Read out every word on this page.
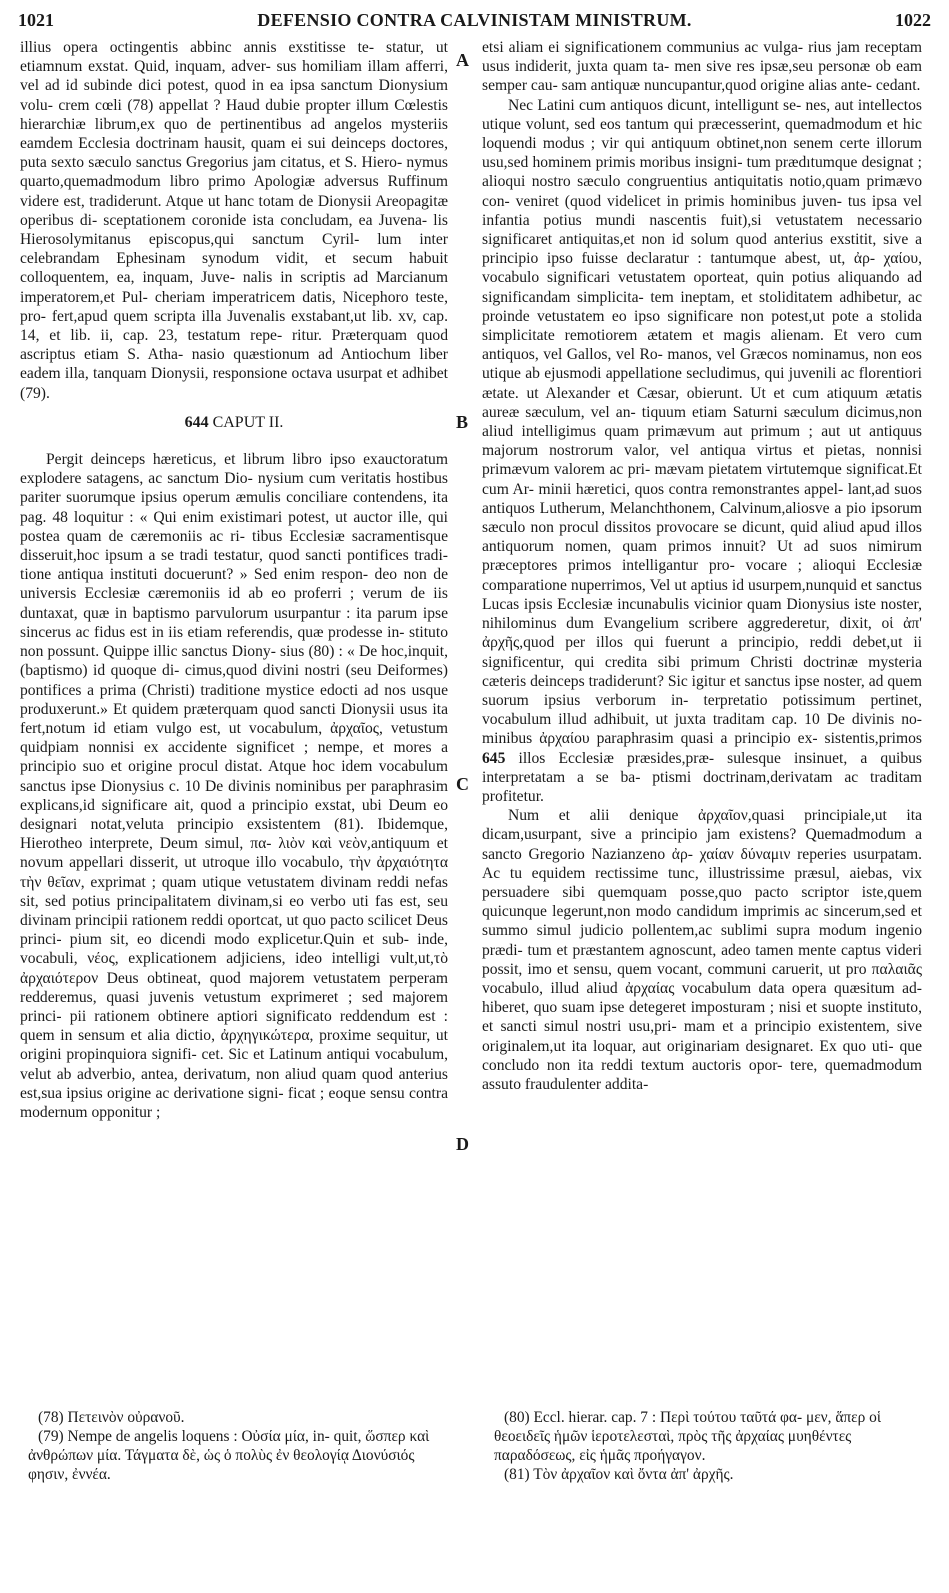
1021	DEFENSIO CONTRA CALVINISTAM MINISTRUM.	1022
A
B
C
D

illius opera octingentis abbinc annis exstitisse te- statur, ut etiamnum exstat. Quid, inquam, adver- sus homiliam illam afferri, vel ad id subinde dici potest, quod in ea ipsa sanctum Dionysium volu- crem cœli (78) appellat ? Haud dubie propter illum Cœlestis hierarchiæ librum,ex quo de pertinentibus ad angelos mysteriis eamdem Ecclesia doctrinam hausit, quam ei sui deinceps doctores, puta sexto sæculo sanctus Gregorius jam citatus, et S. Hiero- nymus quarto,quemadmodum libro primo Apologiæ adversus Ruffinum videre est, tradiderunt. Atque ut hanc totam de Dionysii Areopagitæ operibus di- sceptationem coronide ista concludam, ea Juvena- lis Hierosolymitanus episcopus,qui sanctum Cyril- lum inter celebrandam Ephesinam synodum vidit, et secum habuit colloquentem, ea, inquam, Juve- nalis in scriptis ad Marcianum imperatorem,et Pul- cheriam imperatricem datis, Nicephoro teste, pro- fert,apud quem scripta illa Juvenalis exstabant,ut lib. xv, cap. 14, et lib. ii, cap. 23, testatum repe- ritur. Præterquam quod ascriptus etiam S. Atha- nasio quæstionum ad Antiochum liber eadem illa, tanquam Dionysii, responsione octava usurpat et adhibet (79).

644 CAPUT II.

Pergit deinceps hæreticus, et librum libro ipso exauctoratum explodere satagens, ac sanctum Dio- nysium cum veritatis hostibus pariter suorumque ipsius operum æmulis conciliare contendens, ita pag. 48 loquitur : « Qui enim existimari potest, ut auctor ille, qui postea quam de cæremoniis ac ri- tibus Ecclesiæ sacramentisque disseruit,hoc ipsum a se tradi testatur, quod sancti pontifices tradi- tione antiqua instituti docuerunt? » Sed enim respon- deo non de universis Ecclesiæ cæremoniis id ab eo proferri ; verum de iis duntaxat, quæ in baptismo parvulorum usurpantur : ita parum ipse sincerus ac fidus est in iis etiam referendis, quæ prodesse in- stituto non possunt. Quippe illic sanctus Diony- sius (80) : « De hoc,inquit,(baptismo) id quoque di- cimus,quod divini nostri (seu Deiformes) pontifices a prima (Christi) traditione mystice edocti ad nos usque produxerunt.» Et quidem præterquam quod sancti Dionysii usus ita fert,notum id etiam vulgo est, ut vocabulum, ἀρχαῖος, vetustum quidpiam nonnisi ex accidente significet ; nempe, et mores a principio suo et origine procul distat. Atque hoc idem vocabulum sanctus ipse Dionysius c. 10 De divinis nominibus per paraphrasim explicans,id significare ait, quod a principio exstat, ubi Deum eo designari notat,veluta principio exsistentem (81). Ibidemque, Hierotheo interprete, Deum simul, πα- λιὸν καὶ νεὸν,antiquum et novum appellari disserit, ut utroque illo vocabulo, τὴν ἀρχαιότητα τὴν θεῖαν, exprimat ; quam utique vetustatem divinam reddi nefas sit, sed potius principalitatem divinam,si eo verbo uti fas est, seu divinam principii rationem reddi oportcat, ut quo pacto scilicet Deus princi- pium sit, eo dicendi modo explicetur.Quin et sub- inde, vocabuli, νέος, explicationem adjiciens, ideo intelligi vult,ut,τὸ ἀρχαιότερον Deus obtineat, quod majorem vetustatem perperam redderemus, quasi juvenis vetustum exprimeret ; sed majorem princi- pii rationem obtinere aptiori significato reddendum est : quem in sensum et alia dictio, ἀρχηγικώτερα, proxime sequitur, ut origini propinquiora signifi- cet. Sic et Latinum antiqui vocabulum, velut ab adverbio, antea, derivatum, non aliud quam quod anterius est,sua ipsius origine ac derivatione signi- ficat ; eoque sensu contra modernum opponitur ;

etsi aliam ei significationem communius ac vulga- rius jam receptam usus indiderit, juxta quam ta- men sive res ipsæ,seu personæ ob eam semper cau- sam antiquæ nuncupantur,quod origine alias ante- cedant.

Nec Latini cum antiquos dicunt, intelligunt se- nes, aut intellectos utique volunt, sed eos tantum qui præcesserint, quemadmodum et hic loquendi modus ; vir qui antiquum obtinet,non senem certe illorum usu,sed hominem primis moribus insigni- tum prædıtumque designat ; alioqui nostro sæculo congruentius antiquitatis notio,quam primævo con- veniret (quod videlicet in primis hominibus juven- tus ipsa vel infantia potius mundi nascentis fuit),si vetustatem necessario significaret antiquitas,et non id solum quod anterius exstitit, sive a principio ipso fuisse declaratur : tantumque abest, ut, ἀρ- χαίου, vocabulo significari vetustatem oporteat, quin potius aliquando ad significandam simplicita- tem ineptam, et stoliditatem adhibetur, ac proinde vetustatem eo ipso significare non potest,ut pote a stolida simplicitate remotiorem ætatem et magis alienam. Et vero cum antiquos, vel Gallos, vel Ro- manos, vel Græcos nominamus, non eos utique ab ejusmodi appellatione secludimus, qui juvenili ac florentiori ætate. ut Alexander et Cæsar, obierunt. Ut et cum atiquum ætatis aureæ sæculum, vel an- tiquum etiam Saturni sæculum dicimus,non aliud intelligimus quam primævum aut primum ; aut ut antiquus majorum nostrorum valor, vel antiqua virtus et pietas, nonnisi primævum valorem ac pri- mævam pietatem virtutemque significat.Et cum Ar- minii hæretici, quos contra remonstrantes appel- lant,ad suos antiquos Lutherum, Melanchthonem, Calvinum,aliosve a pio ipsorum sæculo non procul dissitos provocare se dicunt, quid aliud apud illos antiquorum nomen, quam primos innuit? Ut ad suos nimirum præceptores primos intelligantur pro- vocare ; alioqui Ecclesiæ comparatione nuperrimos, Vel ut aptius id usurpem,nunquid et sanctus Lucas ipsis Ecclesiæ incunabulis vicinior quam Dionysius iste noster, nihilominus dum Evangelium scribere aggrederetur, dixit, οἱ ἀπ' ἀρχῆς,quod per illos qui fuerunt a principio, reddi debet,ut ii significentur, qui credita sibi primum Christi doctrinæ mysteria cæteris deinceps tradiderunt? Sic igitur et sanctus ipse noster, ad quem suorum ipsius verborum in- terpretatio potissimum pertinet, vocabulum illud adhibuit, ut juxta traditam cap. 10 De divinis no- minibus ἀρχαίου paraphrasim quasi a principio ex- sistentis,primos 645 illos Ecclesiæ præsides,præ- sulesque insinuet, a quibus interpretatam a se ba- ptismi doctrinam,derivatam ac traditam profitetur.

Num et alii denique ἀρχαῖον,quasi principiale,ut ita dicam,usurpant, sive a principio jam existens? Quemadmodum a sancto Gregorio Nazianzeno ἀρ- χαίαν δύναμιν reperies usurpatam. Ac tu equidem rectissime tunc, illustrissime præsul, aiebas, vix persuadere sibi quemquam posse,quo pacto scriptor iste,quem quicunque legerunt,non modo candidum imprimis ac sincerum,sed et summo simul judicio pollentem,ac sublimi supra modum ingenio prædi- tum et præstantem agnoscunt, adeo tamen mente captus videri possit, imo et sensu, quem vocant, communi caruerit, ut pro παλαιᾶς vocabulo, illud aliud ἀρχαίας vocabulum data opera quæsitum ad- hiberet, quo suam ipse detegeret imposturam ; nisi et suopte instituto, et sancti simul nostri usu,pri- mam et a principio existentem, sive originalem,ut ita loquar, aut originariam designaret. Ex quo uti- que concludo non ita reddi textum auctoris opor- tere, quemadmodum assuto fraudulenter addita-

(78) Πετεινὸν οὐρανοῦ.

(79) Nempe de angelis loquens : Οὐσία μία, in- quit, ὥσπερ καὶ ἀνθρώπων μία. Τάγματα δὲ, ὡς ὁ πολὺς ἐν θεολογίᾳ Διονύσιός φησιν, ἐννέα.

(80) Eccl. hierar. cap. 7 : Περὶ τούτου ταῦτά φα- μεν, ἅπερ οἱ θεοειδεῖς ἡμῶν ἱεροτελεσταὶ, πρὸς τῆς ἀρχαίας μυηθέντες παραδόσεως, εἰς ἡμᾶς προήγαγον.

(81) Τὸν ἀρχαῖον καὶ ὄντα ἀπ' ἀρχῆς.
